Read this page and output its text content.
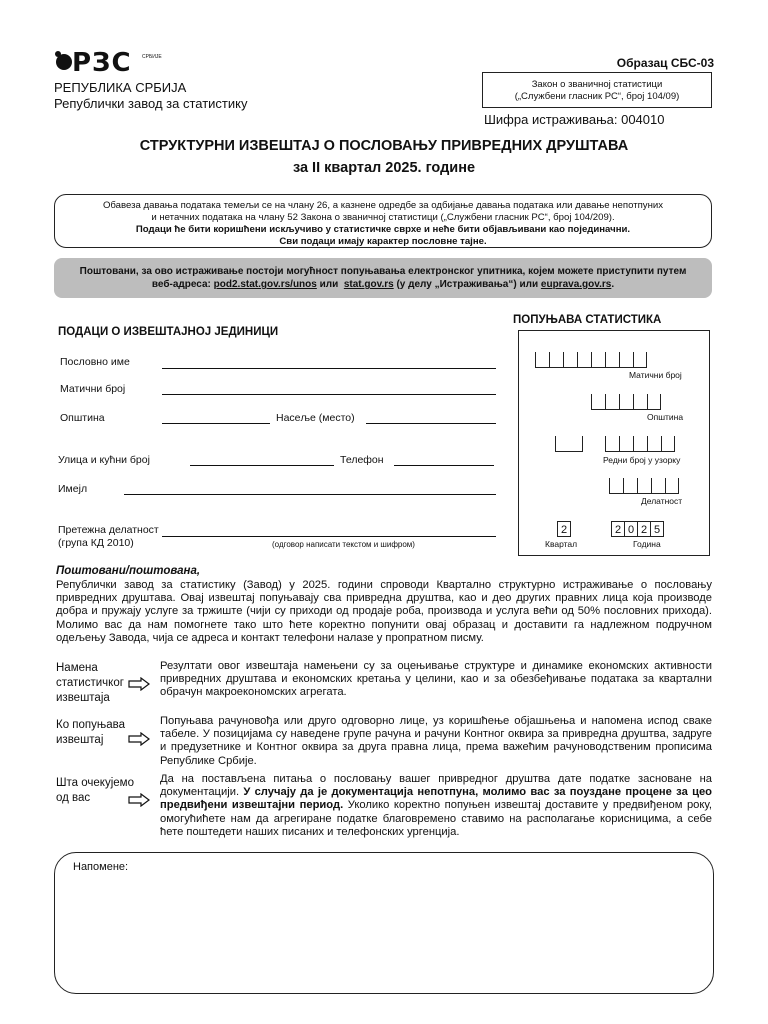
РЗС СРБИЈЕ
РЕПУБЛИКА СРБИЈА
Републички завод за статистику
Образац СБС-03
Закон о званичној статистици
(„Службени гласник РС“, број 104/09)
Шифра истраживања: 004010
СТРУКТУРНИ ИЗВЕШТАЈ О ПОСЛОВАЊУ ПРИВРЕДНИХ ДРУШТАВА
за II квартал 2025. године
Обавеза давања података темељи се на члану 26, а казнене одредбе за одбијање давања података или давање непотпуних
и нетачних података на члану 52 Закона о званичној статистици („Службени гласник РС“, број 104/209).
Подаци ће бити коришћени искључиво у статистичке сврхе и неће бити објављивани као појединачни.
Сви подаци имају карактер пословне тајне.
Поштовани, за ово истраживање постоји могућност попуњавања електронског упитника, којем можете приступити путем
веб-адреса: pod2.stat.gov.rs/unos или stat.gov.rs (у делу „Истраживања“) или euprava.gov.rs.
ПОДАЦИ О ИЗВЕШТАЈНОЈ ЈЕДИНИЦИ
Пословно име
Матични број
Општина	Насеље (место)
Улица и кућни број	Телефон
Имејл
Претежна делатност
(група КД 2010)	(одговор написати текстом и шифром)
ПОПУЊАВА СТАТИСТИКА
Матични број
Општина
Редни број у узорку
Делатност
2
Квартал
2 0 2 5
Година
Поштовани/поштована,
Републички завод за статистику (Завод) у 2025. години спроводи Квартално структурно истраживање о пословању привредних друштава. Овај извештај попуњавају сва привредна друштва, као и део других правних лица која производе добра и пружају услуге за тржиште (чији су приходи од продаје роба, производа и услуга већи од 50% пословних прихода). Молимо вас да нам помогнете тако што ћете коректно попунити овај образац и доставити га надлежном подручном одељењу Завода, чија се адреса и контакт телефони налазе у пропратном писму.
Намена статистичког извештаја
Резултати овог извештаја намењени су за оцењивање структуре и динамике економских активности привредних друштава и економских кретања у целини, као и за обезбеђивање података за квартални обрачун макроекономских агрегата.
Ко попуњава извештај
Попуњава рачуновођа или друго одговорно лице, уз коришћење објашњења и напомена испод сваке табеле. У позицијама су наведене групе рачуна и рачуни Контног оквира за привредна друштва, задруге и предузетнике и Контног оквира за друга правна лица, према важећим рачуноводственим прописима Републике Србије.
Шта очекујемо од вас
Да на постављена питања о пословању вашег привредног друштва дате податке засноване на документацији. У случају да је документација непотпуна, молимо вас за поуздане процене за цео предвиђени извештајни период. Уколико коректно попуњен извештај доставите у предвиђеном року, омогућићете нам да агрегиране податке благовремено ставимо на располагање корисницима, а себе ћете поштедети наших писаних и телефонских ургенција.
Напомене:
